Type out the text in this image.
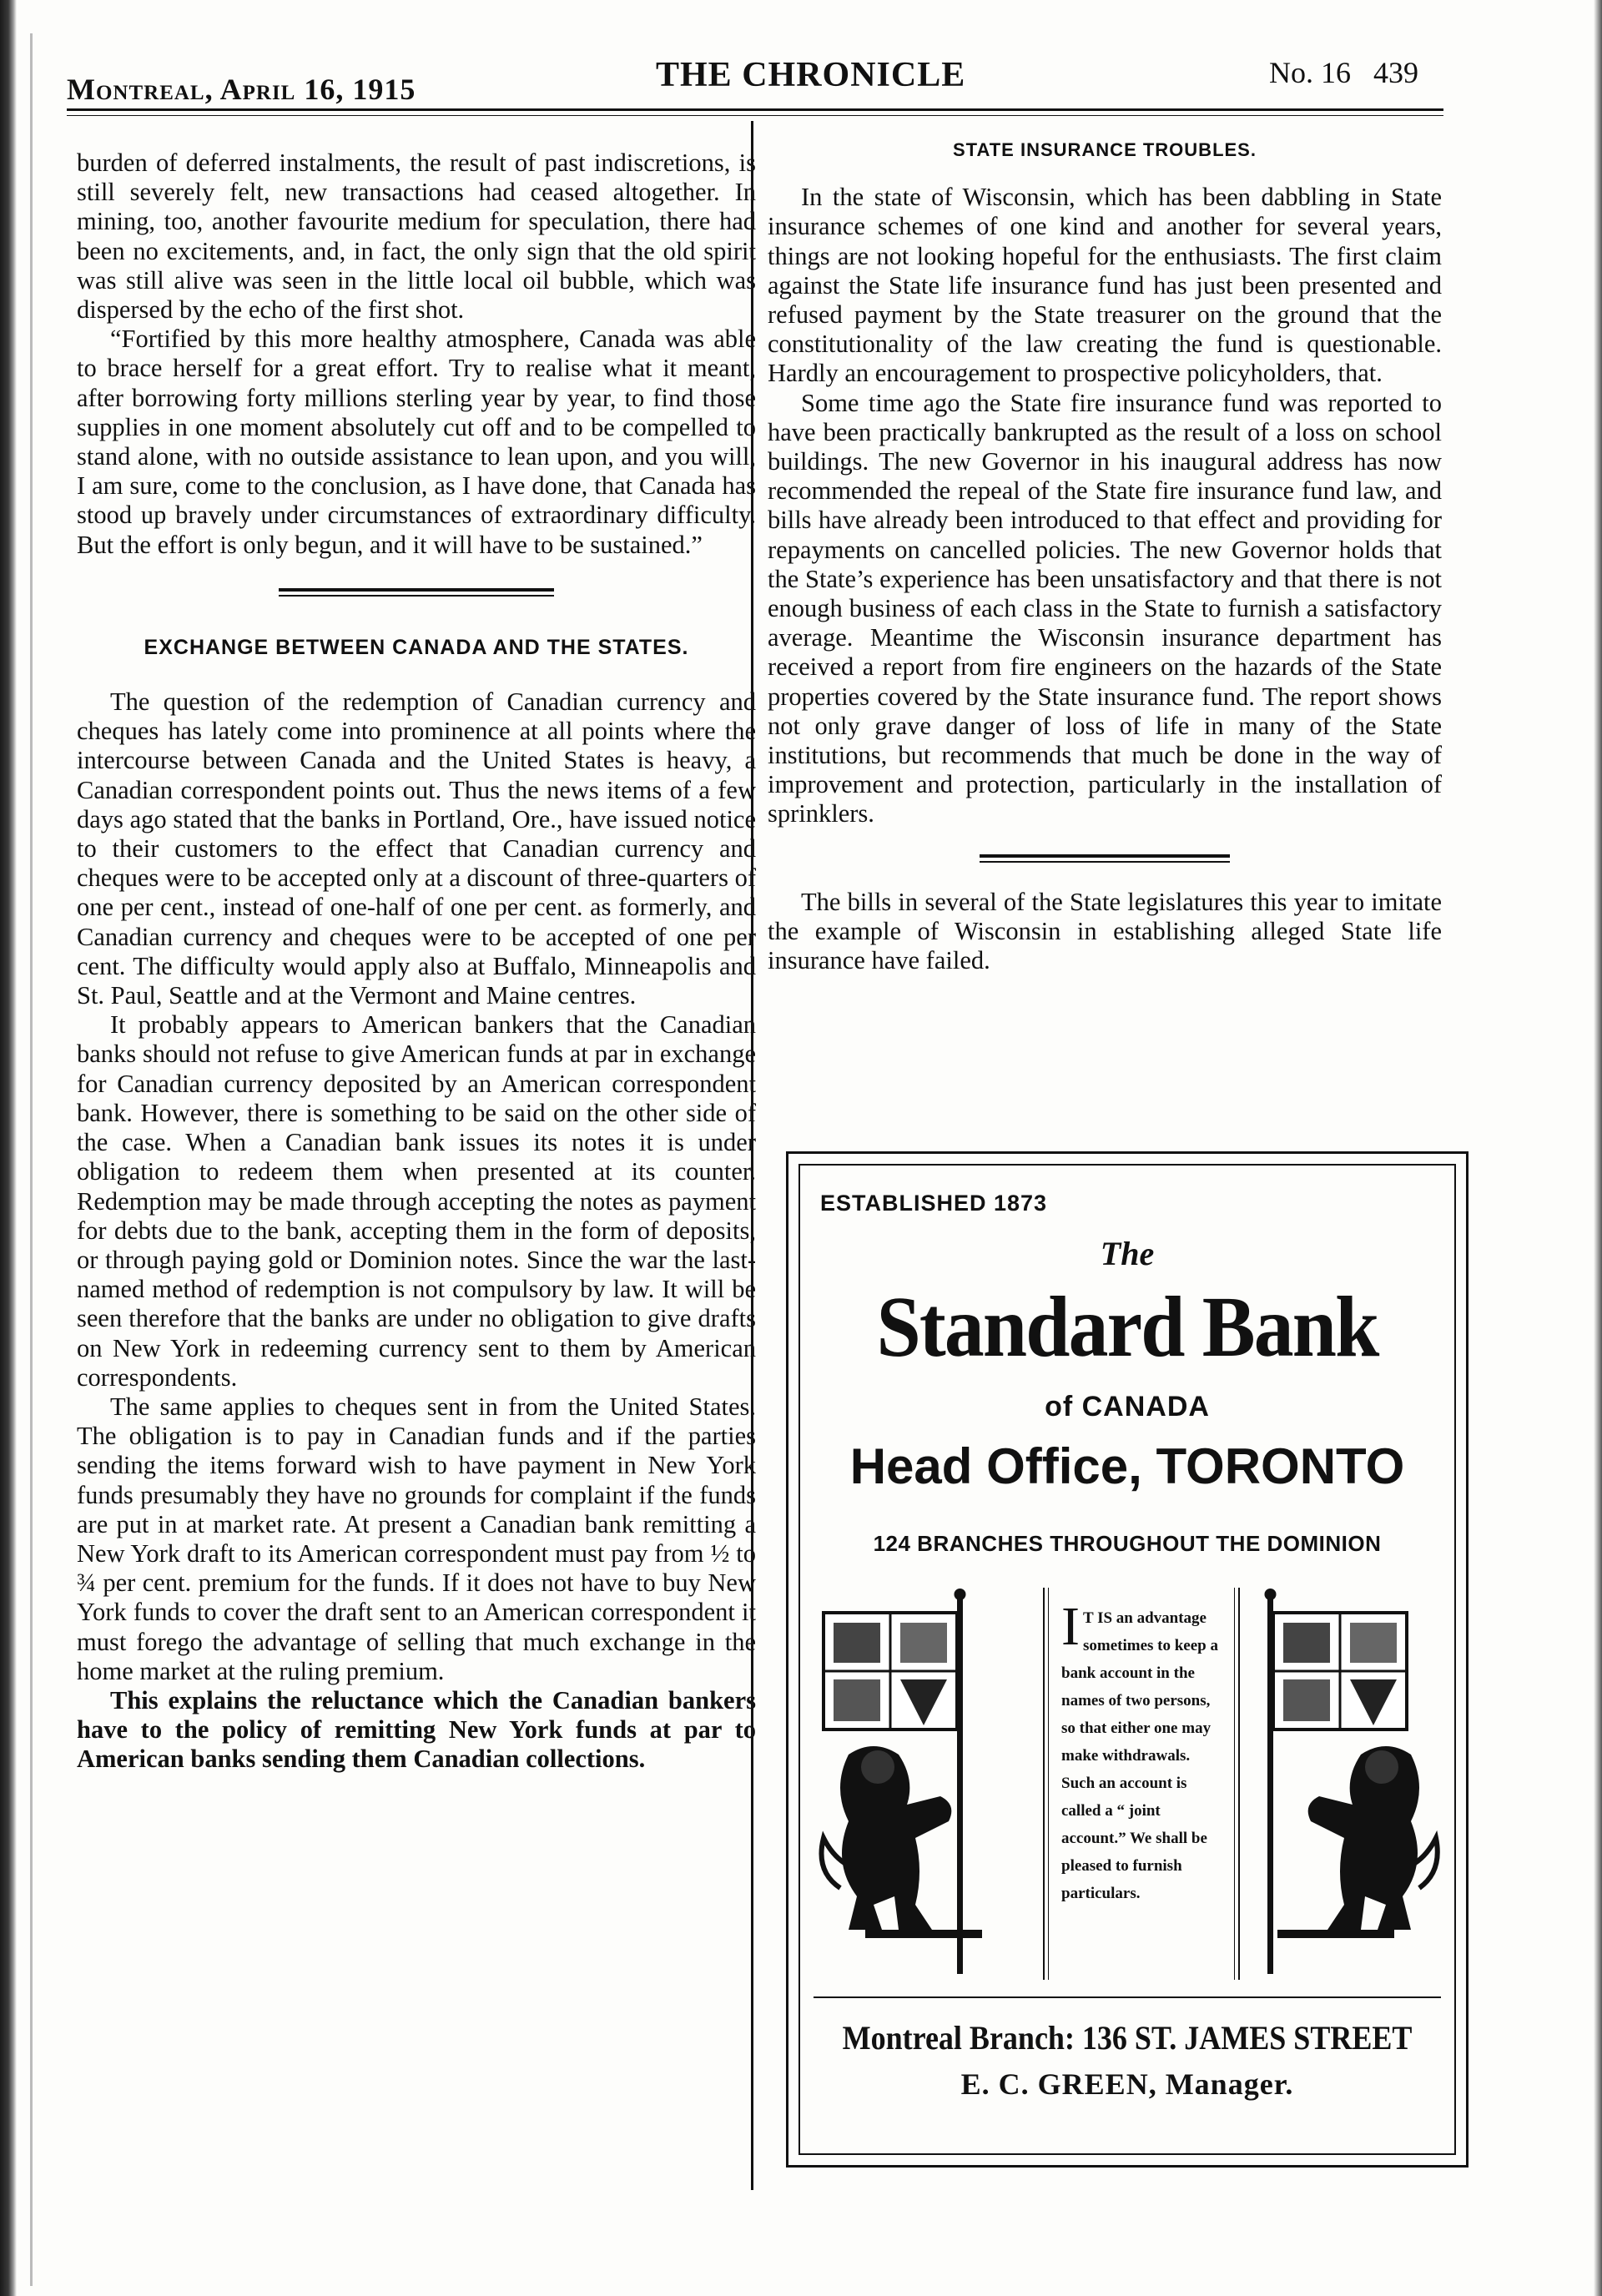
Montreal, April 16, 1915	THE CHRONICLE	No. 16   439

burden of deferred instalments, the result of past indiscretions, is still severely felt, new transactions had ceased altogether. In mining, too, another favourite medium for speculation, there had been no excitements, and, in fact, the only sign that the old spirit was still alive was seen in the little local oil bubble, which was dispersed by the echo of the first shot.

“Fortified by this more healthy atmosphere, Canada was able to brace herself for a great effort. Try to realise what it meant, after borrowing forty millions sterling year by year, to find those supplies in one moment absolutely cut off and to be compelled to stand alone, with no outside assistance to lean upon, and you will, I am sure, come to the conclusion, as I have done, that Canada has stood up bravely under circumstances of extraordinary difficulty. But the effort is only begun, and it will have to be sustained.”

EXCHANGE BETWEEN CANADA AND THE STATES.

The question of the redemption of Canadian currency and cheques has lately come into prominence at all points where the intercourse between Canada and the United States is heavy, a Canadian correspondent points out. Thus the news items of a few days ago stated that the banks in Portland, Ore., have issued notice to their customers to the effect that Canadian currency and cheques were to be accepted only at a discount of three-quarters of one per cent., instead of one-half of one per cent. as formerly, and Canadian currency and cheques were to be accepted of one per cent. The difficulty would apply also at Buffalo, Minneapolis and St. Paul, Seattle and at the Vermont and Maine centres.

It probably appears to American bankers that the Canadian banks should not refuse to give American funds at par in exchange for Canadian currency deposited by an American correspondent bank. However, there is something to be said on the other side of the case. When a Canadian bank issues its notes it is under obligation to redeem them when presented at its counter. Redemption may be made through accepting the notes as payment for debts due to the bank, accepting them in the form of deposits, or through paying gold or Dominion notes. Since the war the last-named method of redemption is not compulsory by law. It will be seen therefore that the banks are under no obligation to give drafts on New York in redeeming currency sent to them by American correspondents.

The same applies to cheques sent in from the United States. The obligation is to pay in Canadian funds and if the parties sending the items forward wish to have payment in New York funds presumably they have no grounds for complaint if the funds are put in at market rate. At present a Canadian bank remitting a New York draft to its American correspondent must pay from ½ to ¾ per cent. premium for the funds. If it does not have to buy New York funds to cover the draft sent to an American correspondent it must forego the advantage of selling that much exchange in the home market at the ruling premium.

This explains the reluctance which the Canadian bankers have to the policy of remitting New York funds at par to American banks sending them Canadian collections.

STATE INSURANCE TROUBLES.

In the state of Wisconsin, which has been dabbling in State insurance schemes of one kind and another for several years, things are not looking hopeful for the enthusiasts. The first claim against the State life insurance fund has just been presented and refused payment by the State treasurer on the ground that the constitutionality of the law creating the fund is questionable. Hardly an encouragement to prospective policyholders, that.

Some time ago the State fire insurance fund was reported to have been practically bankrupted as the result of a loss on school buildings. The new Governor in his inaugural address has now recommended the repeal of the State fire insurance fund law, and bills have already been introduced to that effect and providing for repayments on cancelled policies. The new Governor holds that the State’s experience has been unsatisfactory and that there is not enough business of each class in the State to furnish a satisfactory average. Meantime the Wisconsin insurance department has received a report from fire engineers on the hazards of the State properties covered by the State insurance fund. The report shows not only grave danger of loss of life in many of the State institutions, but recommends that much be done in the way of improvement and protection, particularly in the installation of sprinklers.

The bills in several of the State legislatures this year to imitate the example of Wisconsin in establishing alleged State life insurance have failed.

ESTABLISHED 1873
The
Standard Bank
of CANADA
Head Office, TORONTO
124 BRANCHES THROUGHOUT THE DOMINION
I T IS an advantage sometimes to keep a bank account in the names of two persons, so that either one may make withdrawals. Such an account is called a “ joint account.” We shall be pleased to furnish particulars.
Montreal Branch: 136 ST. JAMES STREET
E. C. GREEN, Manager.
